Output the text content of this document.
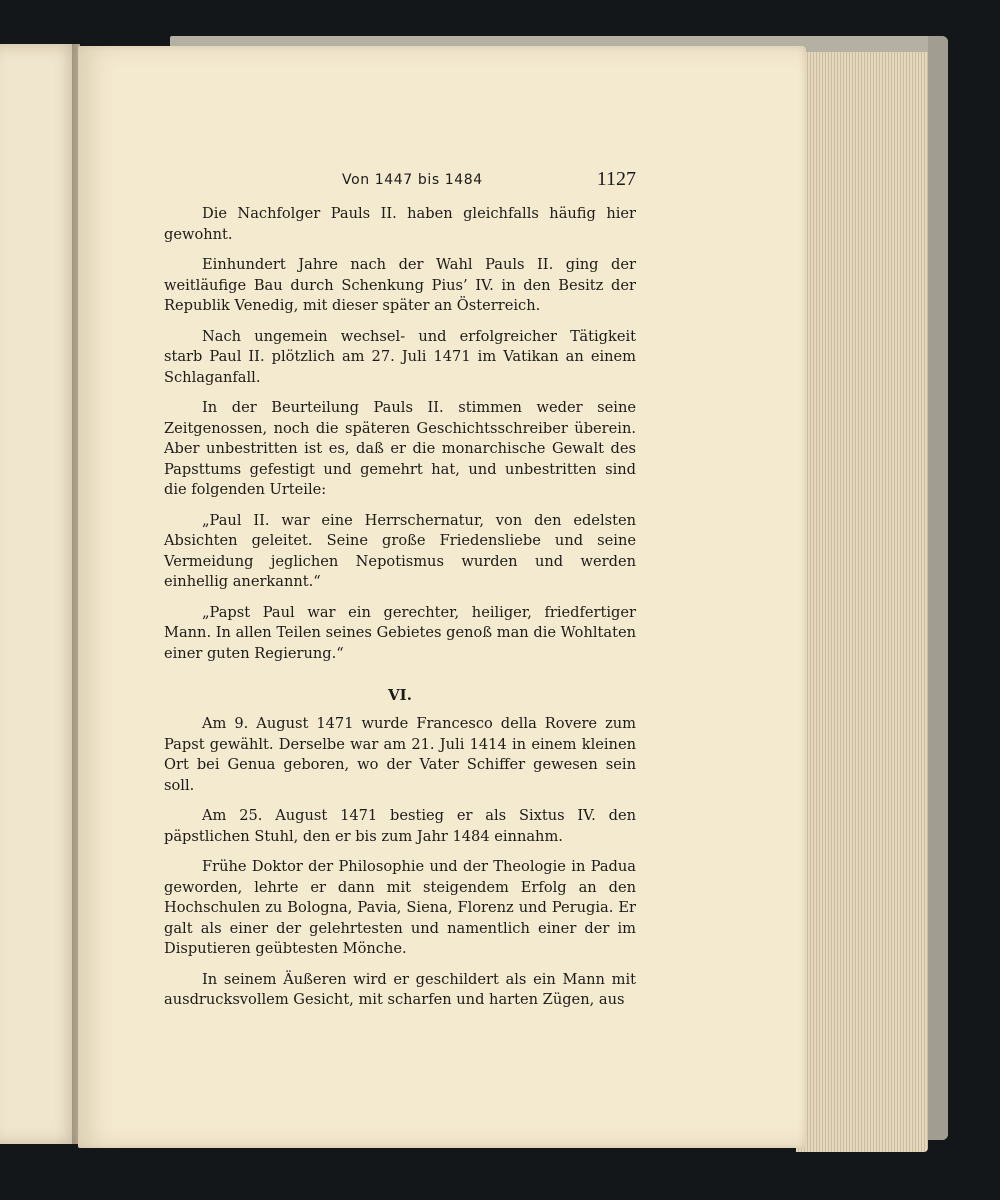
Von 1447 bis 1484	1127

Die Nachfolger Pauls II. haben gleichfalls häufig hier gewohnt.

Einhundert Jahre nach der Wahl Pauls II. ging der weitläufige Bau durch Schenkung Pius’ IV. in den Besitz der Republik Venedig, mit dieser später an Österreich.

Nach ungemein wechsel- und erfolgreicher Tätigkeit starb Paul II. plötzlich am 27. Juli 1471 im Vatikan an einem Schlaganfall.

In der Beurteilung Pauls II. stimmen weder seine Zeitgenossen, noch die späteren Geschichtsschreiber überein. Aber unbestritten ist es, daß er die monarchische Gewalt des Papsttums gefestigt und gemehrt hat, und unbestritten sind die folgenden Urteile:

„Paul II. war eine Herrschernatur, von den edelsten Absichten geleitet. Seine große Friedensliebe und seine Vermeidung jeglichen Nepotismus wurden und werden einhellig anerkannt.“

„Papst Paul war ein gerechter, heiliger, friedfertiger Mann. In allen Teilen seines Gebietes genoß man die Wohltaten einer guten Regierung.“

VI.

Am 9. August 1471 wurde Francesco della Rovere zum Papst gewählt. Derselbe war am 21. Juli 1414 in einem kleinen Ort bei Genua geboren, wo der Vater Schiffer gewesen sein soll.

Am 25. August 1471 bestieg er als Sixtus IV. den päpstlichen Stuhl, den er bis zum Jahr 1484 einnahm.

Frühe Doktor der Philosophie und der Theologie in Padua geworden, lehrte er dann mit steigendem Erfolg an den Hochschulen zu Bologna, Pavia, Siena, Florenz und Perugia. Er galt als einer der gelehrtesten und namentlich einer der im Disputieren geübtesten Mönche.

In seinem Äußeren wird er geschildert als ein Mann mit ausdrucksvollem Gesicht, mit scharfen und harten Zügen, aus
